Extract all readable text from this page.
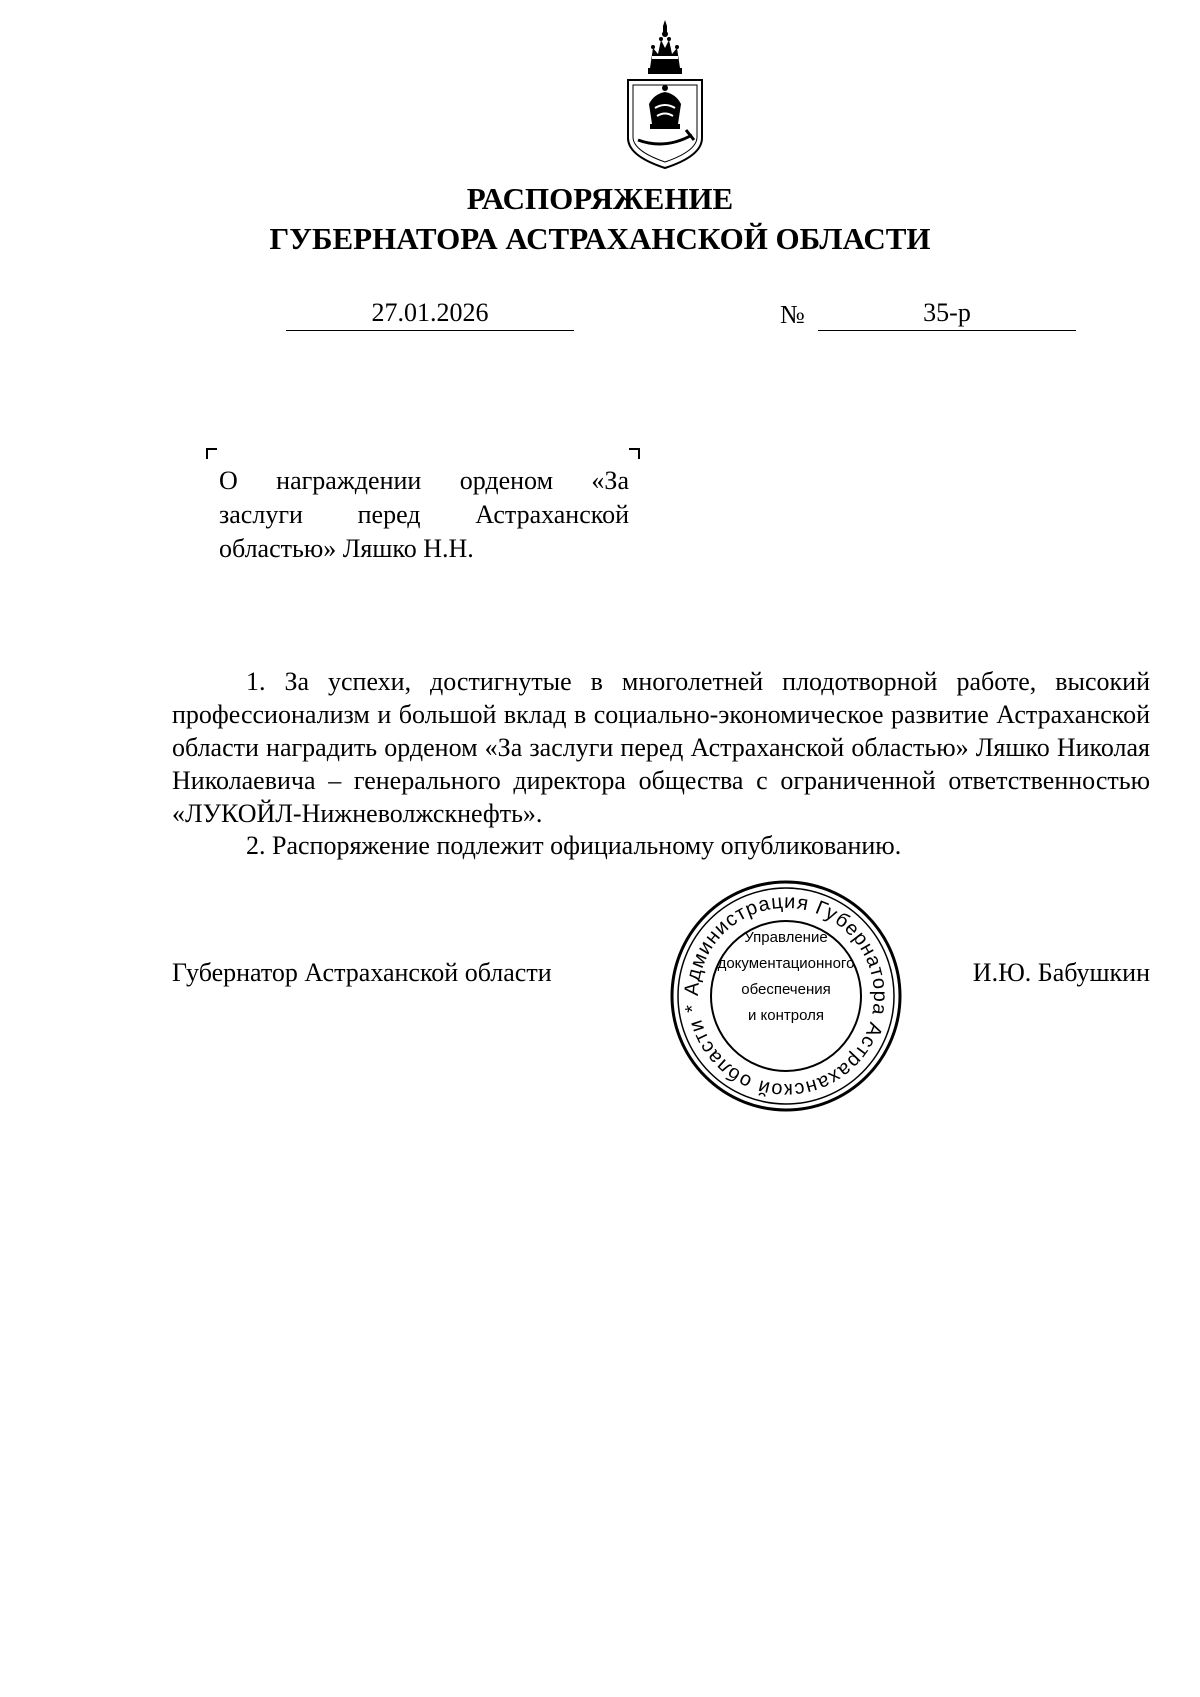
РАСПОРЯЖЕНИЕ
ГУБЕРНАТОРА АСТРАХАНСКОЙ ОБЛАСТИ
27.01.2026	№	35-р
О награждении орденом «За
заслуги перед Астраханской
областью» Ляшко Н.Н.
1. За успехи, достигнутые в многолетней плодотворной работе, высокий профессионализм и большой вклад в социально-экономическое развитие Астраханской области наградить орденом «За заслуги перед Астраханской областью» Ляшко Николая Николаевича – генерального директора общества с ограниченной ответственностью «ЛУКОЙЛ-Нижневолжскнефть».
2. Распоряжение подлежит официальному опубликованию.
Губернатор Астраханской области	И.Ю. Бабушкин
Администрация Губернатора Астраханской области *
Управление
документационного
обеспечения
и контроля
